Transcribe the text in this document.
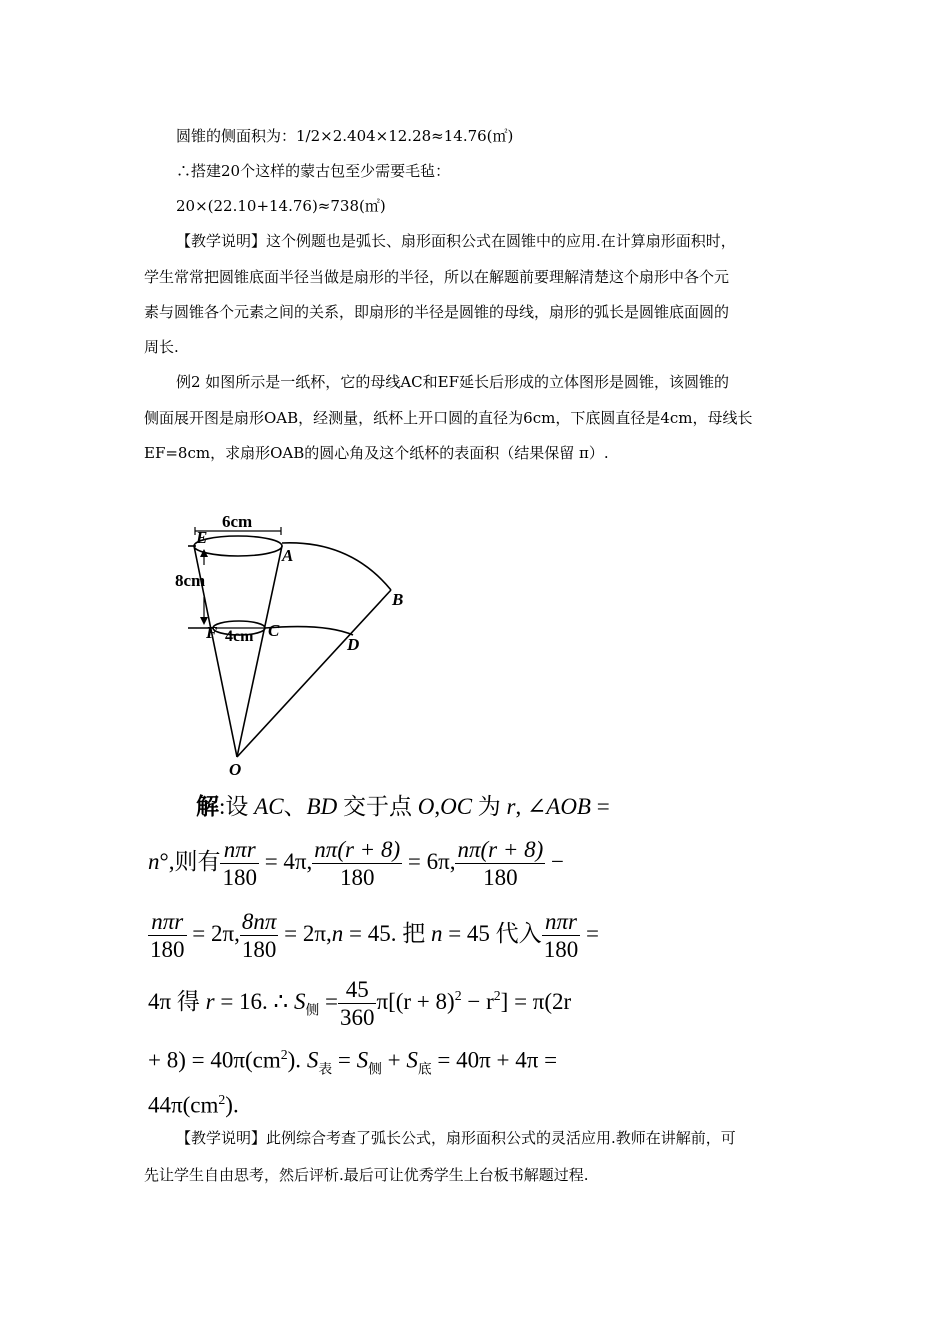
圆锥的侧面积为：1/2×2.404×12.28≈14.76(㎡)
∴搭建20个这样的蒙古包至少需要毛毡：
20×(22.10+14.76)≈738(㎡)
【教学说明】这个例题也是弧长、扇形面积公式在圆锥中的应用.在计算扇形面积时，
学生常常把圆锥底面半径当做是扇形的半径，所以在解题前要理解清楚这个扇形中各个元
素与圆锥各个元素之间的关系，即扇形的半径是圆锥的母线，扇形的弧长是圆锥底面圆的
周长.
例2 如图所示是一纸杯，它的母线AC和EF延长后形成的立体图形是圆锥，该圆锥的
侧面展开图是扇形OAB，经测量，纸杯上开口圆的直径为6cm，下底圆直径是4cm，母线长
EF=8cm，求扇形OAB的圆心角及这个纸杯的表面积（结果保留 π）.
6cm
8cm
4cm
E
A
B
F	C
D
O
解:设 AC、BD 交于点 O,OC 为 r, ∠AOB =
n°,则有 $\frac{\text{nπr}}{180} = 4\pi$, $\frac{n\pi(r + 8)}{180} = 6\pi$, $\frac{n\pi(r + 8)}{180}$ −
$\frac{\text{nπr}}{180} = 2\pi$, $\frac{8n\pi}{180} = 2\pi,n = 45$. 把 n = 45 代入 $\frac{\text{nπr}}{180}$ =
4π 得 r = 16. ∴ $S_侧 = \frac{45}{360} \pi[(r + 8)^2 - r^2] = \pi(2r$
+ $8) = 40\pi(cm^2)$. $S_表 = S_侧 + S_底 = 40\pi + 4\pi$ =
$44\pi(cm^2)$.
【教学说明】此例综合考查了弧长公式，扇形面积公式的灵活应用.教师在讲解前，可
先让学生自由思考，然后评析.最后可让优秀学生上台板书解题过程.
